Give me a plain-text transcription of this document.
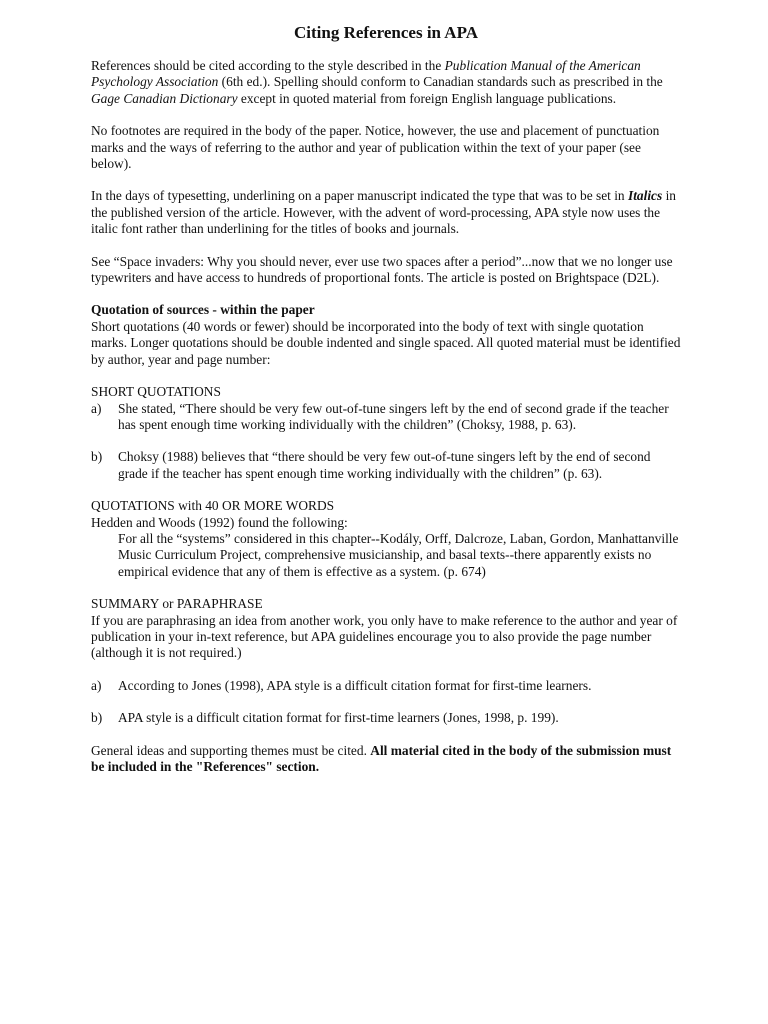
Citing References in APA

References should be cited according to the style described in the Publication Manual of the American Psychology Association (6th ed.). Spelling should conform to Canadian standards such as prescribed in the Gage Canadian Dictionary except in quoted material from foreign English language publications.

No footnotes are required in the body of the paper. Notice, however, the use and placement of punctuation marks and the ways of referring to the author and year of publication within the text of your paper (see below).

In the days of typesetting, underlining on a paper manuscript indicated the type that was to be set in Italics in the published version of the article. However, with the advent of word-processing, APA style now uses the italic font rather than underlining for the titles of books and journals.

See “Space invaders: Why you should never, ever use two spaces after a period”...now that we no longer use typewriters and have access to hundreds of proportional fonts. The article is posted on Brightspace (D2L).

Quotation of sources - within the paper

Short quotations (40 words or fewer) should be incorporated into the body of text with single quotation marks. Longer quotations should be double indented and single spaced. All quoted material must be identified by author, year and page number:

SHORT QUOTATIONS
a)	She stated, “There should be very few out-of-tune singers left by the end of second grade if the teacher has spent enough time working individually with the children” (Choksy, 1988, p. 63).
b)	Choksy (1988) believes that “there should be very few out-of-tune singers left by the end of second grade if the teacher has spent enough time working individually with the children” (p. 63).
QUOTATIONS with 40 OR MORE WORDS
Hedden and Woods (1992) found the following:
For all the “systems” considered in this chapter--Kodály, Orff, Dalcroze, Laban, Gordon, Manhattanville Music Curriculum Project, comprehensive musicianship, and basal texts--there apparently exists no empirical evidence that any of them is effective as a system. (p. 674)
SUMMARY or PARAPHRASE

If you are paraphrasing an idea from another work, you only have to make reference to the author and year of publication in your in-text reference, but APA guidelines encourage you to also provide the page number (although it is not required.)

a)	According to Jones (1998), APA style is a difficult citation format for first-time learners.
b)	APA style is a difficult citation format for first-time learners (Jones, 1998, p. 199).

General ideas and supporting themes must be cited. All material cited in the body of the submission must be included in the "References" section.
